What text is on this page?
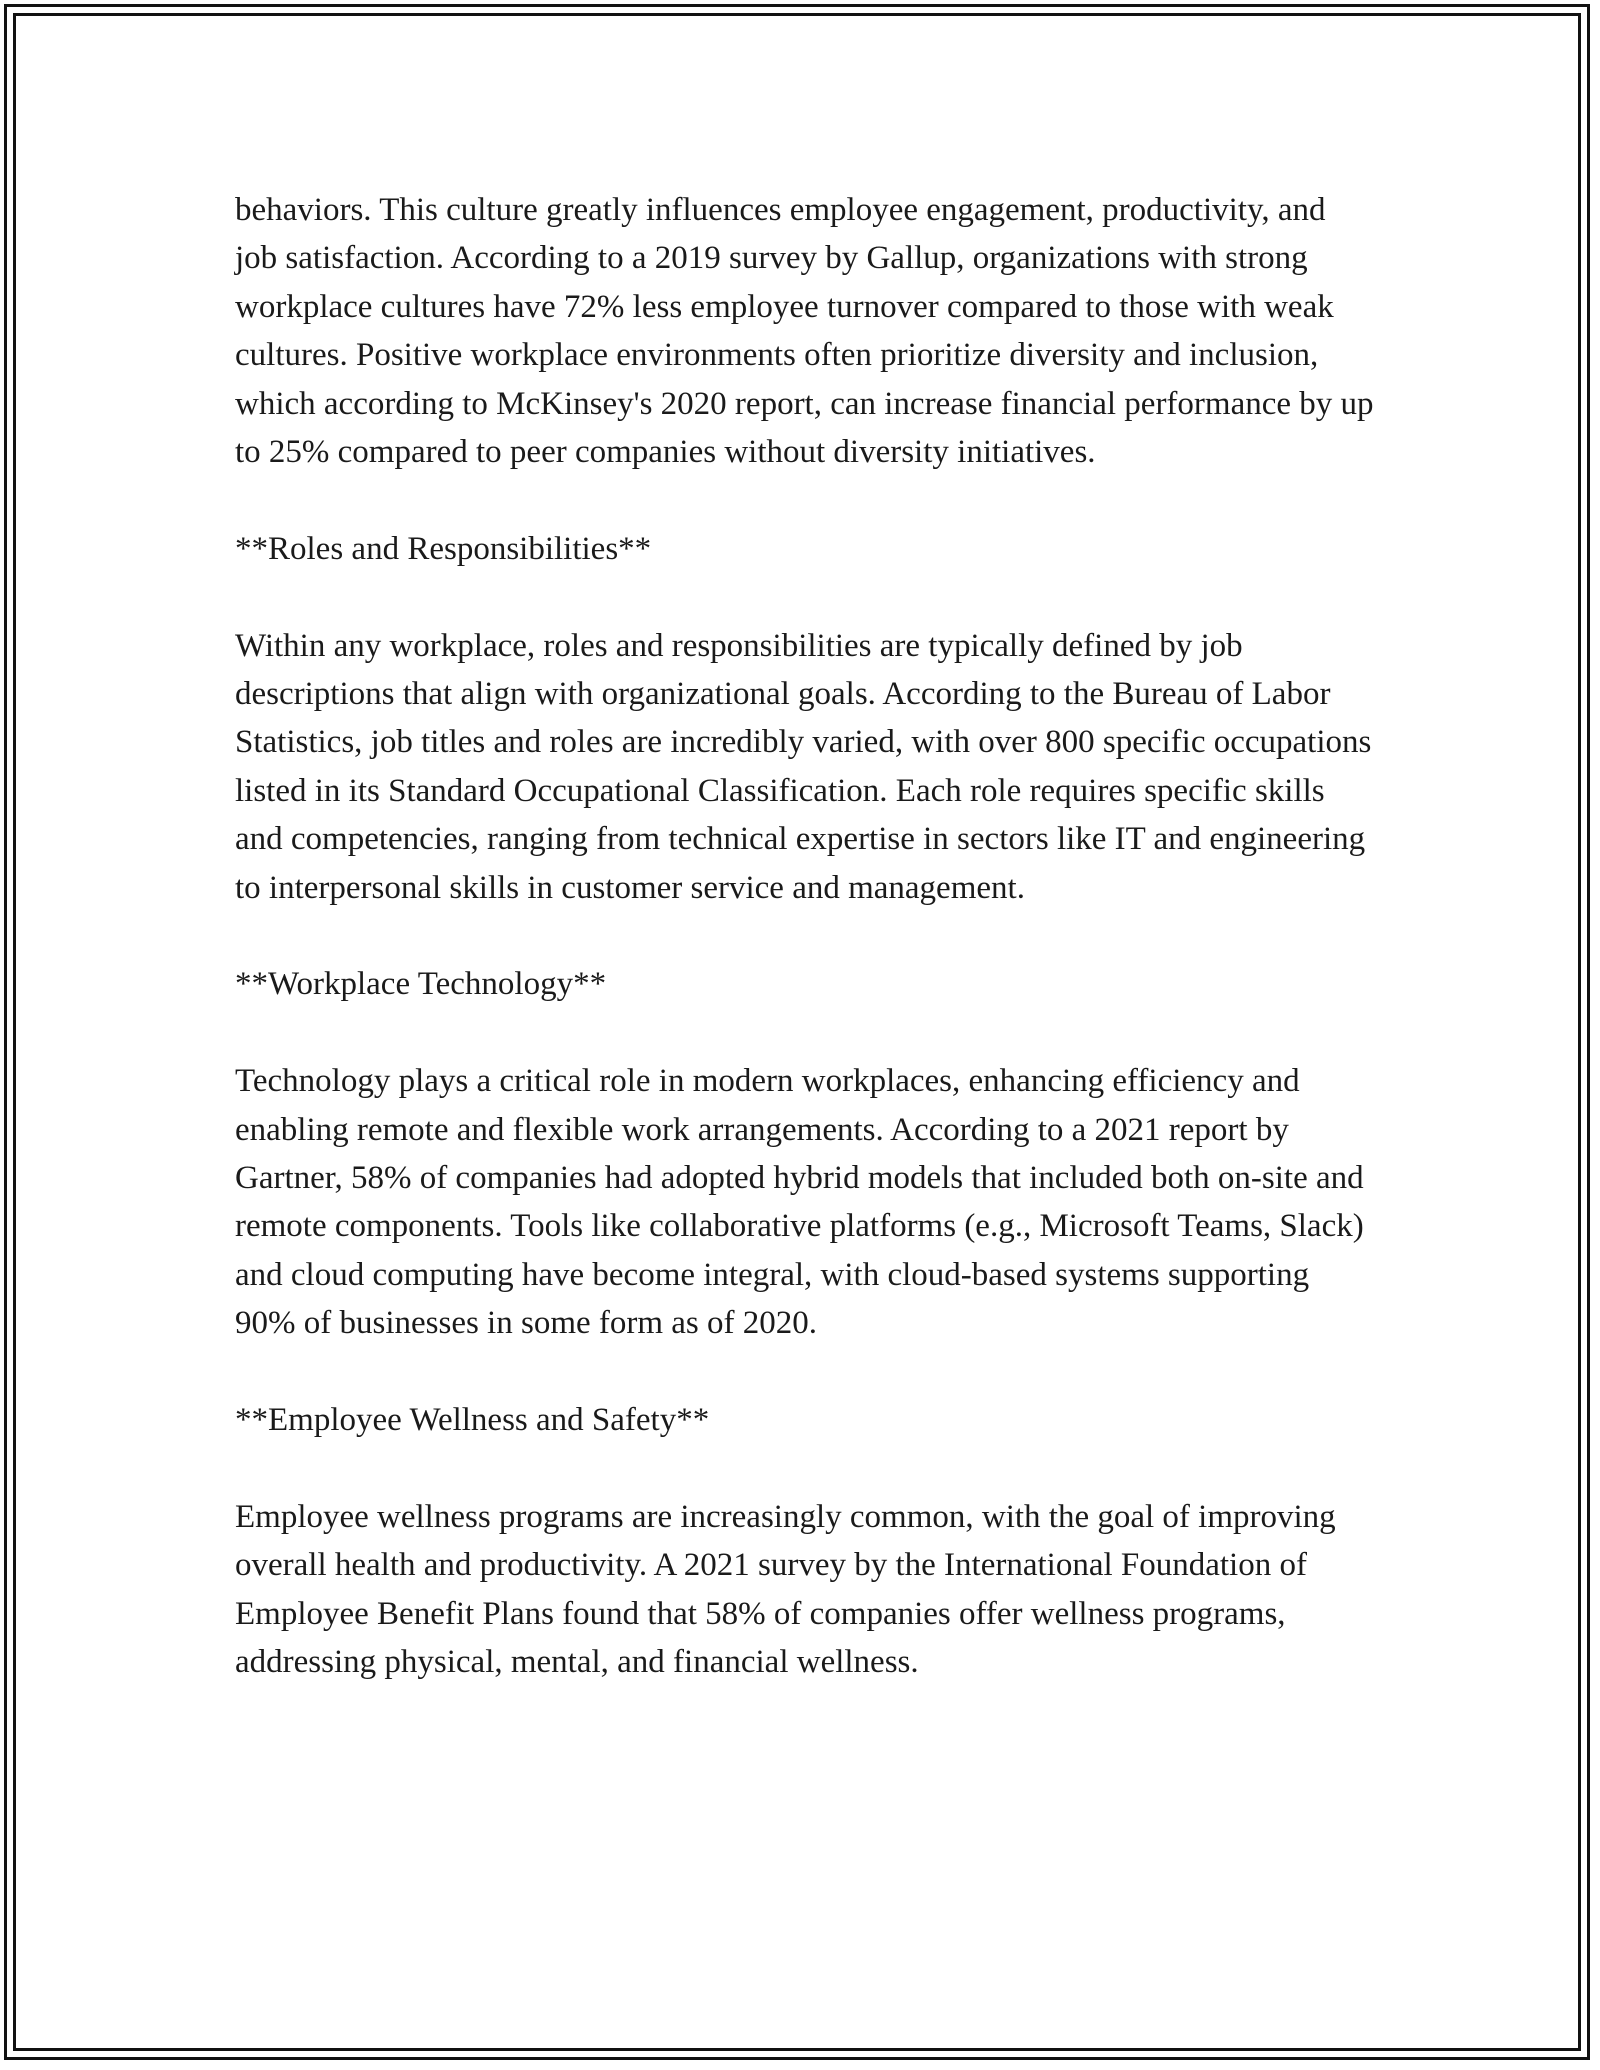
behaviors. This culture greatly influences employee engagement, productivity, and job satisfaction. According to a 2019 survey by Gallup, organizations with strong workplace cultures have 72% less employee turnover compared to those with weak cultures. Positive workplace environments often prioritize diversity and inclusion, which according to McKinsey's 2020 report, can increase financial performance by up to 25% compared to peer companies without diversity initiatives.

**Roles and Responsibilities**

Within any workplace, roles and responsibilities are typically defined by job descriptions that align with organizational goals. According to the Bureau of Labor Statistics, job titles and roles are incredibly varied, with over 800 specific occupations listed in its Standard Occupational Classification. Each role requires specific skills and competencies, ranging from technical expertise in sectors like IT and engineering to interpersonal skills in customer service and management.

**Workplace Technology**

Technology plays a critical role in modern workplaces, enhancing efficiency and enabling remote and flexible work arrangements. According to a 2021 report by Gartner, 58% of companies had adopted hybrid models that included both on-site and remote components. Tools like collaborative platforms (e.g., Microsoft Teams, Slack) and cloud computing have become integral, with cloud-based systems supporting 90% of businesses in some form as of 2020.

**Employee Wellness and Safety**

Employee wellness programs are increasingly common, with the goal of improving overall health and productivity. A 2021 survey by the International Foundation of Employee Benefit Plans found that 58% of companies offer wellness programs, addressing physical, mental, and financial wellness.
